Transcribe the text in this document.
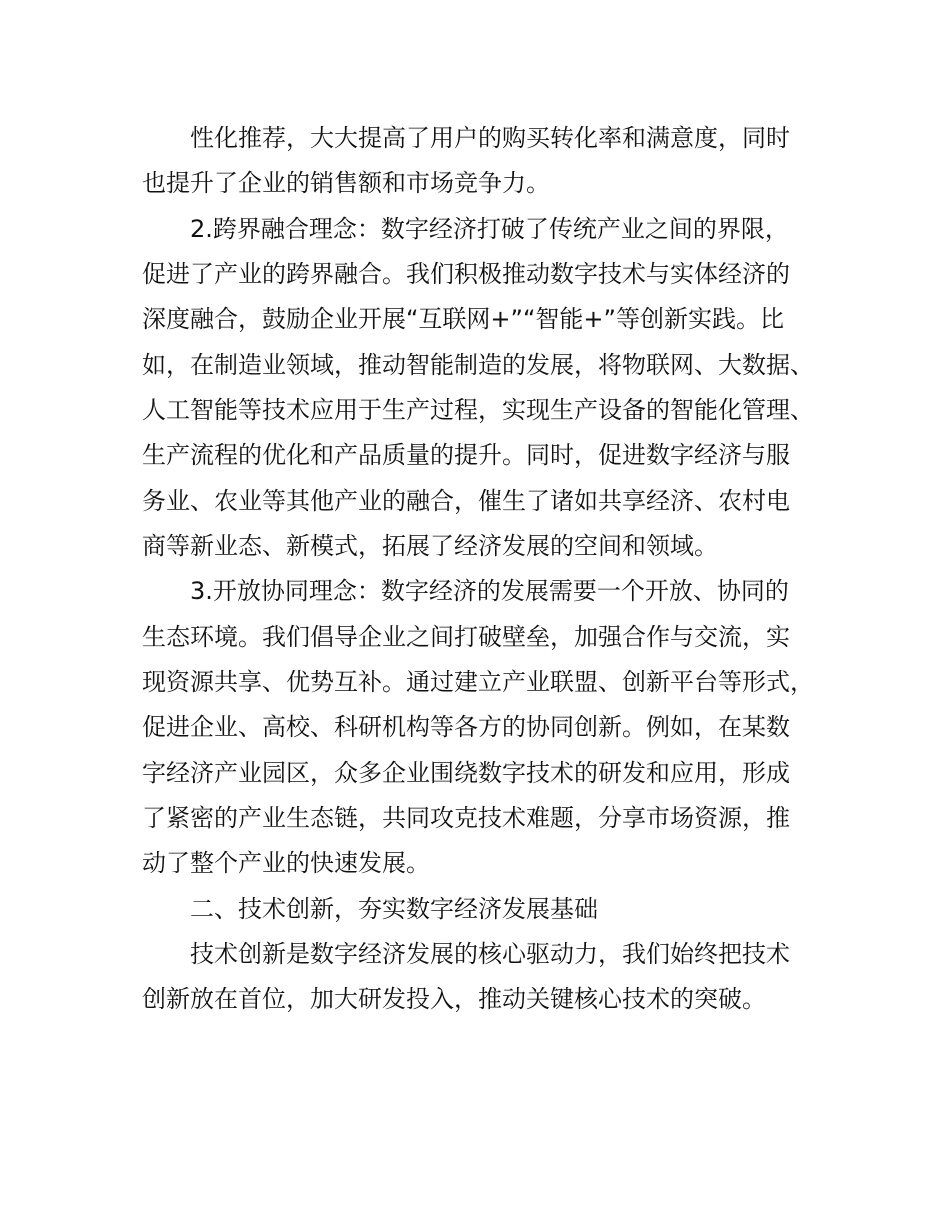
性化推荐，大大提高了用户的购买转化率和满意度，同时
也提升了企业的销售额和市场竞争力。
2.跨界融合理念：数字经济打破了传统产业之间的界限，
促进了产业的跨界融合。我们积极推动数字技术与实体经济的
深度融合，鼓励企业开展“互联网+”“智能+”等创新实践。比
如，在制造业领域，推动智能制造的发展，将物联网、大数据、
人工智能等技术应用于生产过程，实现生产设备的智能化管理、
生产流程的优化和产品质量的提升。同时，促进数字经济与服
务业、农业等其他产业的融合，催生了诸如共享经济、农村电
商等新业态、新模式，拓展了经济发展的空间和领域。
3.开放协同理念：数字经济的发展需要一个开放、协同的
生态环境。我们倡导企业之间打破壁垒，加强合作与交流，实
现资源共享、优势互补。通过建立产业联盟、创新平台等形式，
促进企业、高校、科研机构等各方的协同创新。例如，在某数
字经济产业园区，众多企业围绕数字技术的研发和应用，形成
了紧密的产业生态链，共同攻克技术难题，分享市场资源，推
动了整个产业的快速发展。
二、技术创新，夯实数字经济发展基础
技术创新是数字经济发展的核心驱动力，我们始终把技术
创新放在首位，加大研发投入，推动关键核心技术的突破。
